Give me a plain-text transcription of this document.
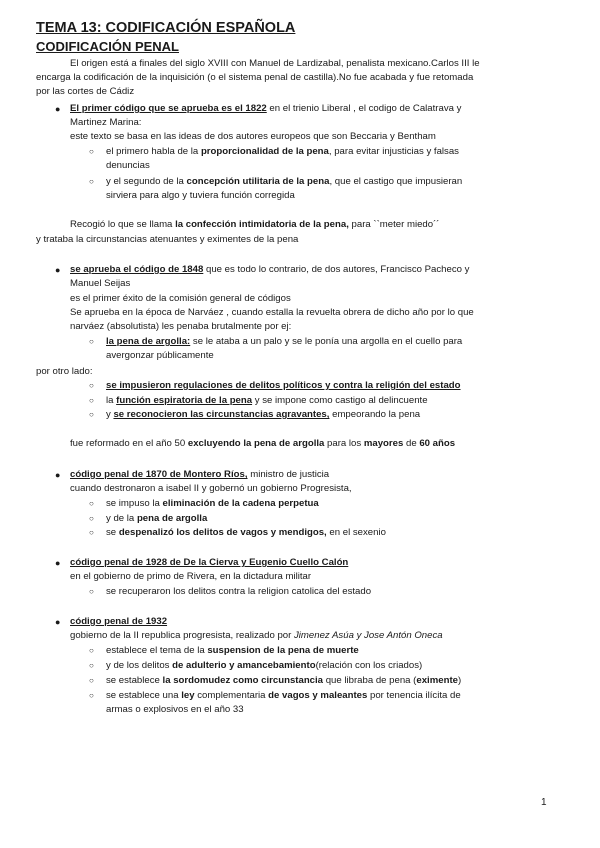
TEMA 13: CODIFICACIÓN ESPAÑOLA
CODIFICACIÓN PENAL
El origen está a finales del siglo XVIII con Manuel de Lardizabal, penalista mexicano.Carlos III le
encarga la codificación de la inquisición (o el sistema penal de castilla).No fue acabada y fue retomada
por las cortes de Cádiz
● El primer código que se aprueba es el 1822 en el trienio Liberal , el codigo de Calatrava y
Martinez Marina:
este texto se basa en las ideas de dos autores europeos que son Beccaria y Bentham
○ el primero habla de la proporcionalidad de la pena, para evitar injusticias y falsas
denuncias
○ y el segundo de la concepción utilitaria de la pena, que el castigo que impusieran
sirviera para algo y tuviera función corregida
Recogió lo que se llama la confección intimidatoria de la pena, para ``meter miedo´´
y trataba la circunstancias atenuantes y eximentes de la pena
● se aprueba el código de 1848 que es todo lo contrario, de dos autores, Francisco Pacheco y
Manuel Seijas
es el primer éxito de la comisión general de códigos
Se aprueba en la época de Narváez , cuando estalla la revuelta obrera de dicho año por lo que
narváez (absolutista) les penaba brutalmente por ej:
○ la pena de argolla: se le ataba a un palo y se le ponía una argolla en el cuello para
avergonzar públicamente
por otro lado:
○ se impusieron regulaciones de delitos políticos y contra la religión del estado
○ la función espiratoria de la pena y se impone como castigo al delincuente
○ y se reconocieron las circunstancias agravantes, empeorando la pena
fue reformado en el año 50 excluyendo la pena de argolla para los mayores de 60 años
● código penal de 1870 de Montero Ríos, ministro de justicia
cuando destronaron a isabel II y gobernó un gobierno Progresista,
○ se impuso la eliminación de la cadena perpetua
○ y de la pena de argolla
○ se despenalizó los delitos de vagos y mendigos, en el sexenio
● código penal de 1928 de De la Cierva y Eugenio Cuello Calón
en el gobierno de primo de Rivera, en la dictadura militar
○ se recuperaron los delitos contra la religion catolica del estado
● código penal de 1932
gobierno de la II republica progresista, realizado por Jimenez Asúa y Jose Antón Oneca
○ establece el tema de la suspension de la pena de muerte
○ y de los delitos de adulterio y amancebamiento(relación con los criados)
○ se establece la sordomudez como circunstancia que libraba de pena (eximente)
○ se establece una ley complementaria de vagos y maleantes por tenencia ilícita de
armas o explosivos en el año 33
1
